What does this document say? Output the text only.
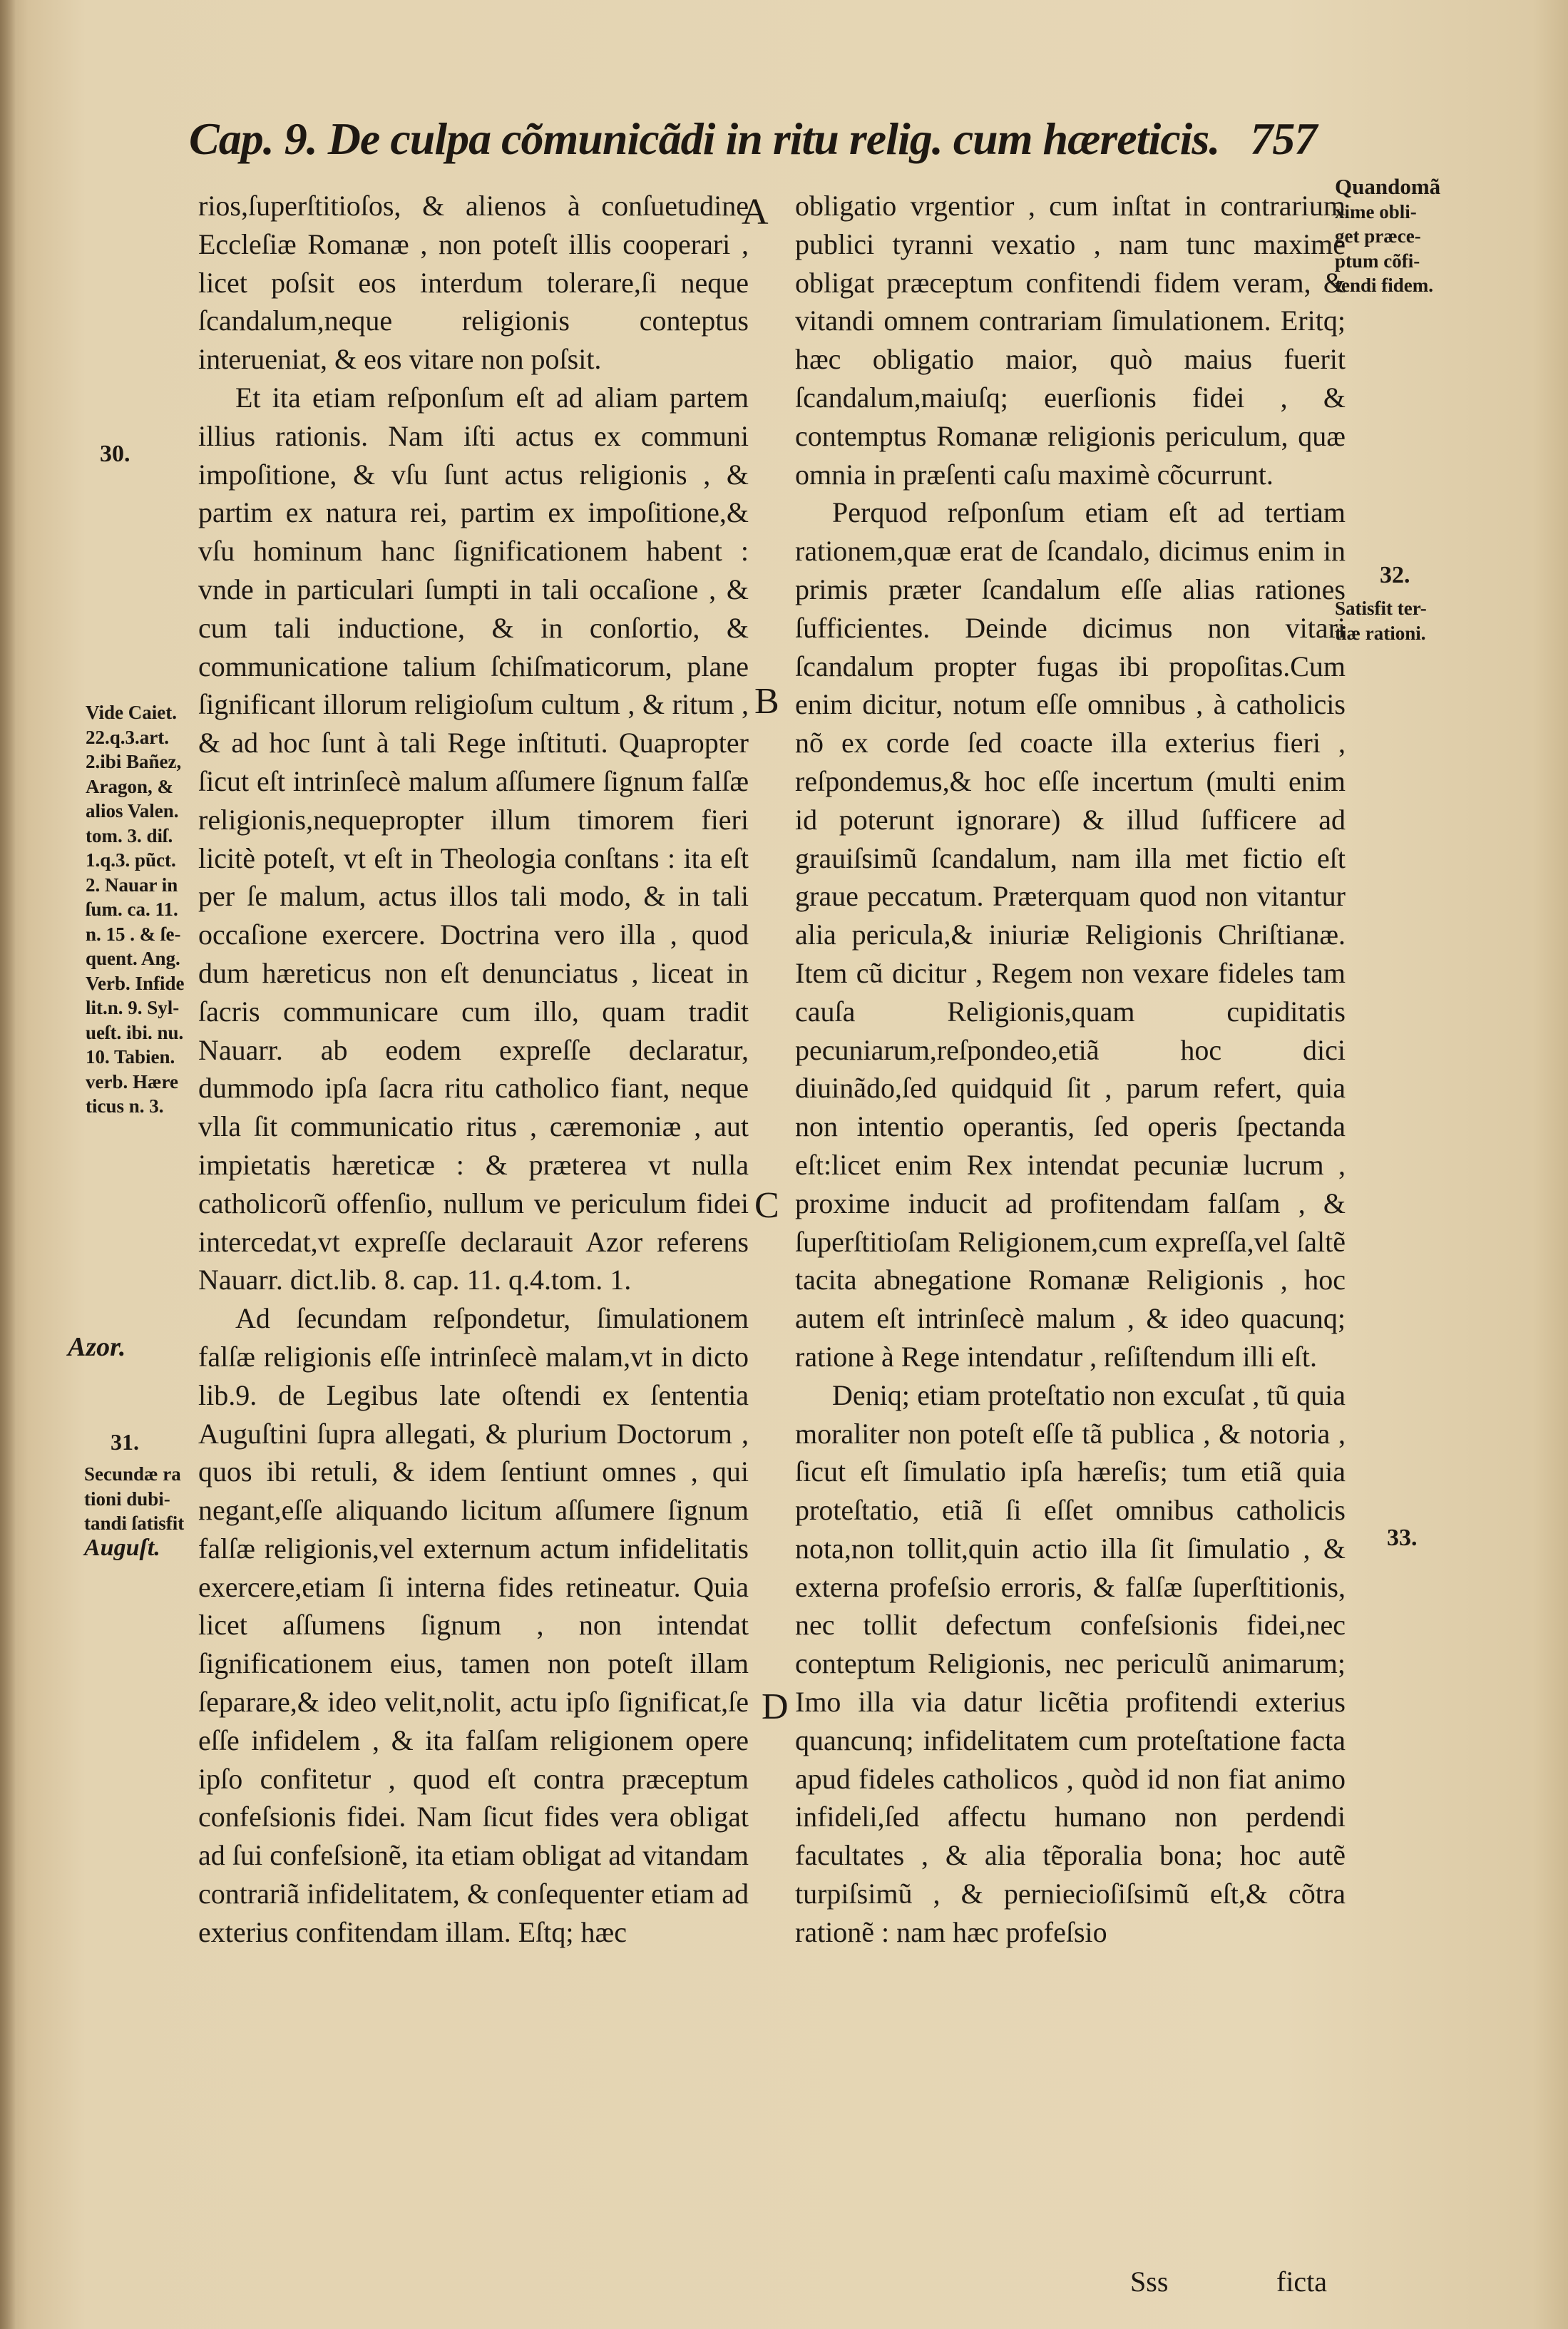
Cap. 9. De culpa cõmunicãdi in ritu relig. cum hæreticis. 757

rios,ſuperſtitioſos, & alienos à conſuetudine Eccleſiæ Romanæ , non poteſt illis cooperari , licet poſsit eos interdum tolerare,ſi neque ſcandalum,neque religionis conteptus interueniat, & eos vitare non poſsit.

Et ita etiam reſponſum eſt ad aliam partem illius rationis. Nam iſti actus ex communi impoſitione, & vſu ſunt actus religionis , & partim ex natura rei, partim ex impoſitione,& vſu hominum hanc ſignificationem habent : vnde in particulari ſumpti in tali occaſione , & cum tali inductione, & in conſortio, & communicatione talium ſchiſmaticorum, plane ſignificant illorum religioſum cultum , & ritum , & ad hoc ſunt à tali Rege inſtituti. Quapropter ſicut eſt intrinſecè malum aſſumere ſignum falſæ religionis,nequepropter illum timorem fieri licitè poteſt, vt eſt in Theologia conſtans : ita eſt per ſe malum, actus illos tali modo, & in tali occaſione exercere. Doctrina vero illa , quod dum hæreticus non eſt denunciatus , liceat in ſacris communicare cum illo, quam tradit Nauarr. ab eodem expreſſe declaratur, dummodo ipſa ſacra ritu catholico fiant, neque vlla ſit communicatio ritus , cæremoniæ , aut impietatis hæreticæ : & præterea vt nulla catholicorũ offenſio, nullum ve periculum fidei intercedat,vt expreſſe declarauit Azor referens Nauarr. dict.lib. 8. cap. 11. q.4.tom. 1.

Ad ſecundam reſpondetur, ſimulationem falſæ religionis eſſe intrinſecè malam,vt in dicto lib.9. de Legibus late oſtendi ex ſententia Auguſtini ſupra allegati, & plurium Doctorum , quos ibi retuli, & idem ſentiunt omnes , qui negant,eſſe aliquando licitum aſſumere ſignum falſæ religionis,vel externum actum infidelitatis exercere,etiam ſi interna fides retineatur. Quia licet aſſumens ſignum , non intendat ſignificationem eius, tamen non poteſt illam ſeparare,& ideo velit,nolit, actu ipſo ſignificat,ſe eſſe infidelem , & ita falſam religionem opere ipſo confitetur , quod eſt contra præceptum confeſsionis fidei. Nam ſicut fides vera obligat ad ſui confeſsionẽ, ita etiam obligat ad vitandam contrariã infidelitatem, & conſequenter etiam ad exterius confitendam illam. Eſtq; hæc

obligatio vrgentior , cum inſtat in contrarium publici tyranni vexatio , nam tunc maxime obligat præceptum confitendi fidem veram, & vitandi omnem contrariam ſimulationem. Eritq; hæc obligatio maior, quò maius fuerit ſcandalum,maiuſq; euerſionis fidei , & contemptus Romanæ religionis periculum, quæ omnia in præſenti caſu maximè cõcurrunt.

Perquod reſponſum etiam eſt ad tertiam rationem,quæ erat de ſcandalo, dicimus enim in primis præter ſcandalum eſſe alias rationes ſufficientes. Deinde dicimus non vitari ſcandalum propter fugas ibi propoſitas.Cum enim dicitur, notum eſſe omnibus , à catholicis nõ ex corde ſed coacte illa exterius fieri , reſpondemus,& hoc eſſe incertum (multi enim id poterunt ignorare) & illud ſufficere ad grauiſsimũ ſcandalum, nam illa met fictio eſt graue peccatum. Prӕterquam quod non vitantur alia pericula,& iniuriæ Religionis Chriſtianæ. Item cũ dicitur , Regem non vexare fideles tam cauſa Religionis,quam cupiditatis pecuniarum,reſpondeo,etiã hoc dici diuinãdo,ſed quidquid ſit , parum refert, quia non intentio operantis, ſed operis ſpectanda eſt:licet enim Rex intendat pecuniæ lucrum , proxime inducit ad profitendam falſam , & ſuperſtitioſam Religionem,cum expreſſa,vel ſaltẽ tacita abnegatione Romanæ Religionis , hoc autem eſt intrinſecè malum , & ideo quacunq; ratione à Rege intendatur , reſiſtendum illi eſt.

Deniq; etiam proteſtatio non excuſat , tũ quia moraliter non poteſt eſſe tã publica , & notoria , ſicut eſt ſimulatio ipſa hæreſis; tum etiã quia proteſtatio, etiã ſi eſſet omnibus catholicis nota,non tollit,quin actio illa ſit ſimulatio , & externa profeſsio erroris, & falſæ ſuperſtitionis, nec tollit defectum confeſsionis fidei,nec conteptum Religionis, nec periculũ animarum; Imo illa via datur licẽtia profitendi exterius quancunq; infidelitatem cum proteſtatione facta apud fideles catholicos , quòd id non fiat animo infideli,ſed affectu humano non perdendi facultates , & alia tẽporalia bona; hoc autẽ turpiſsimũ , & perniecioſiſsimũ eſt,& cõtra rationẽ : nam hæc profeſsio

30.
Vide Caiet.
22.q.3.art.
2.ibi Bañez,
Aragon, &
alios Valen.
tom. 3. diſ.
1.q.3. pũct.
2. Nauar in
ſum. ca. 11.
n. 15 . & ſe-
quent. Ang.
Verb. Infide
lit.n. 9. Syl-
ueſt. ibi. nu.
10. Tabien.
verb. Hære
ticus n. 3.
Azor.
31.
Secundæ ra
tioni dubi-
tandi ſatisfit
Auguſt.
Quandomã
xime obli-
get præce-
ptum cõfi-
tendi fidem.
32.
Satisfit ter-
tiæ rationi.
33.
A
B
C
D
Sss	ficta
